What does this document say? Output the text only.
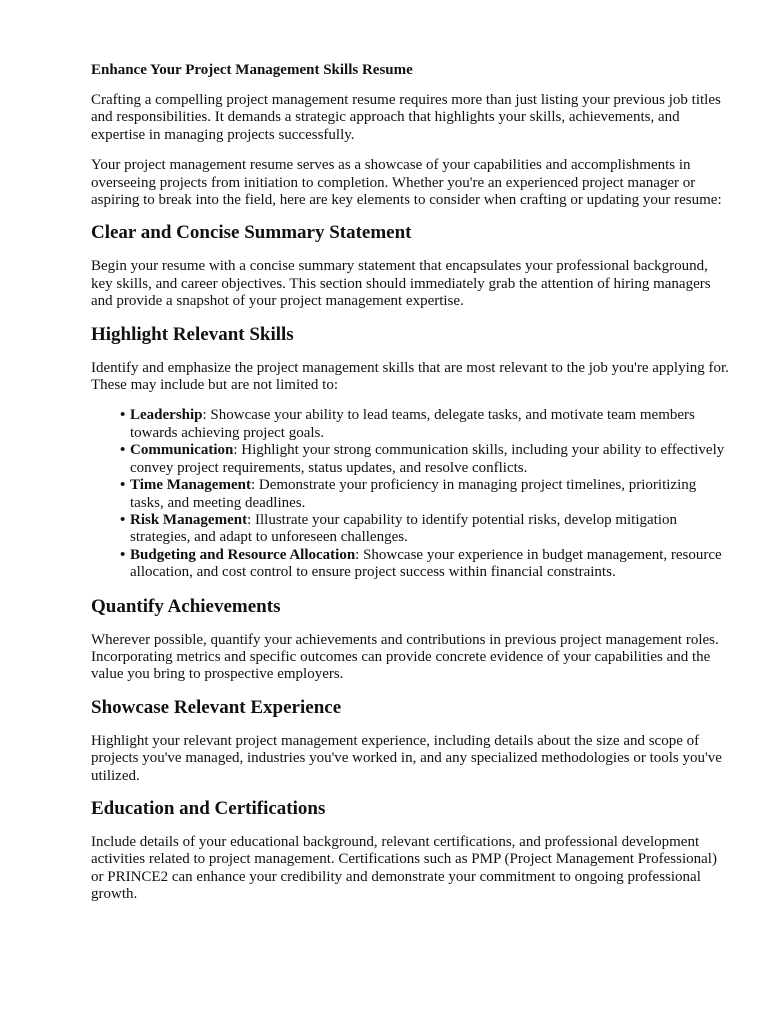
Enhance Your Project Management Skills Resume

Crafting a compelling project management resume requires more than just listing your previous job titles and responsibilities. It demands a strategic approach that highlights your skills, achievements, and expertise in managing projects successfully.

Your project management resume serves as a showcase of your capabilities and accomplishments in overseeing projects from initiation to completion. Whether you're an experienced project manager or aspiring to break into the field, here are key elements to consider when crafting or updating your resume:

Clear and Concise Summary Statement

Begin your resume with a concise summary statement that encapsulates your professional background, key skills, and career objectives. This section should immediately grab the attention of hiring managers and provide a snapshot of your project management expertise.

Highlight Relevant Skills

Identify and emphasize the project management skills that are most relevant to the job you're applying for. These may include but are not limited to:

• Leadership: Showcase your ability to lead teams, delegate tasks, and motivate team members towards achieving project goals.
• Communication: Highlight your strong communication skills, including your ability to effectively convey project requirements, status updates, and resolve conflicts.
• Time Management: Demonstrate your proficiency in managing project timelines, prioritizing tasks, and meeting deadlines.
• Risk Management: Illustrate your capability to identify potential risks, develop mitigation strategies, and adapt to unforeseen challenges.
• Budgeting and Resource Allocation: Showcase your experience in budget management, resource allocation, and cost control to ensure project success within financial constraints.
Quantify Achievements

Wherever possible, quantify your achievements and contributions in previous project management roles. Incorporating metrics and specific outcomes can provide concrete evidence of your capabilities and the value you bring to prospective employers.

Showcase Relevant Experience

Highlight your relevant project management experience, including details about the size and scope of projects you've managed, industries you've worked in, and any specialized methodologies or tools you've utilized.

Education and Certifications

Include details of your educational background, relevant certifications, and professional development activities related to project management. Certifications such as PMP (Project Management Professional) or PRINCE2 can enhance your credibility and demonstrate your commitment to ongoing professional growth.
